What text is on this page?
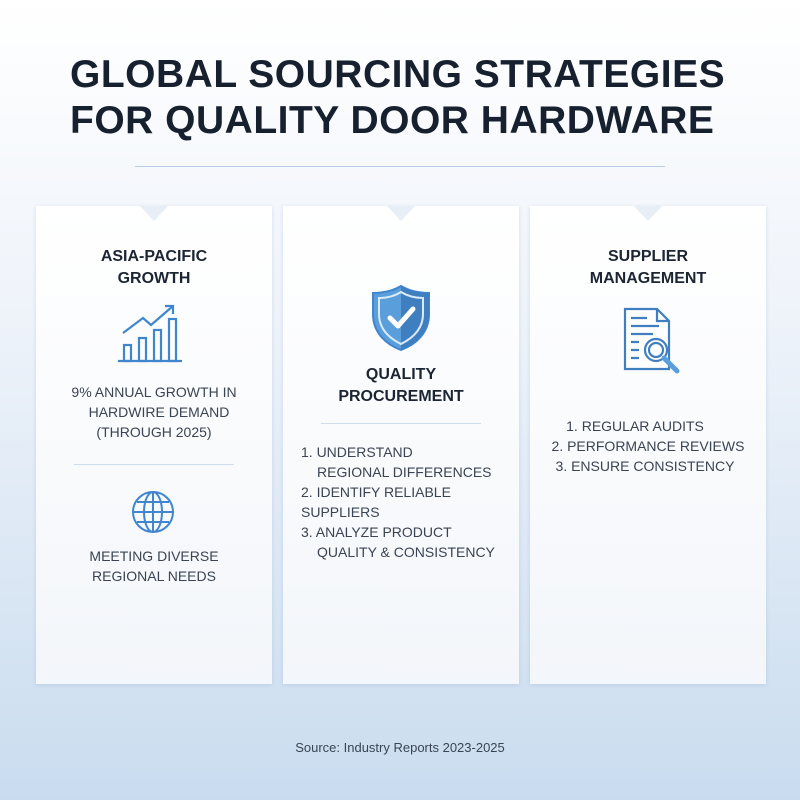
GLOBAL SOURCING STRATEGIES
FOR QUALITY DOOR HARDWARE
ASIA-PACIFIC
GROWTH
9% ANNUAL GROWTH IN
HARDWIRE DEMAND
(THROUGH 2025)
MEETING DIVERSE
REGIONAL NEEDS
QUALITY
PROCUREMENT
1. UNDERSTAND
REGIONAL DIFFERENCES
2. IDENTIFY RELIABLE SUPPLIERS
3. ANALYZE PRODUCT
QUALITY & CONSISTENCY
SUPPLIER
MANAGEMENT
1. REGULAR AUDITS
2. PERFORMANCE REVIEWS
3. ENSURE CONSISTENCY
Source: Industry Reports 2023-2025
